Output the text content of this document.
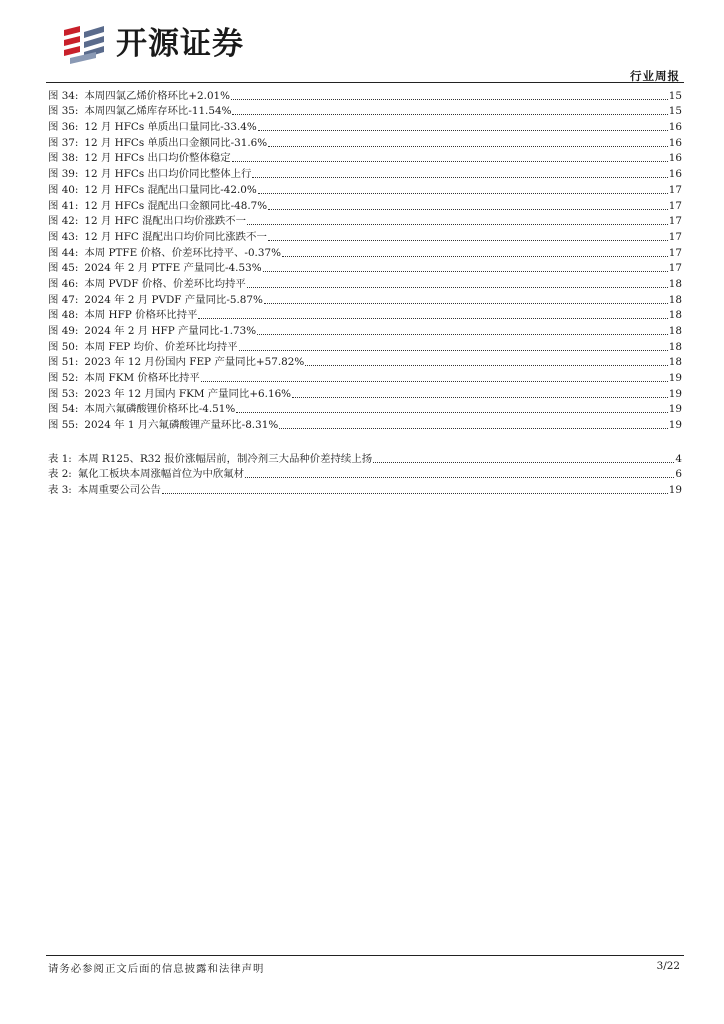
开源证券
行业周报
图 34: 本周四氯乙烯价格环比+2.01%	15
图 35: 本周四氯乙烯库存环比-11.54%	15
图 36: 12 月 HFCs 单质出口量同比-33.4%	16
图 37: 12 月 HFCs 单质出口金额同比-31.6%	16
图 38: 12 月 HFCs 出口均价整体稳定	16
图 39: 12 月 HFCs 出口均价同比整体上行	16
图 40: 12 月 HFCs 混配出口量同比-42.0%	17
图 41: 12 月 HFCs 混配出口金额同比-48.7%	17
图 42: 12 月 HFC 混配出口均价涨跌不一	17
图 43: 12 月 HFC 混配出口均价同比涨跌不一	17
图 44: 本周 PTFE 价格、价差环比持平、-0.37%	17
图 45: 2024 年 2 月 PTFE 产量同比-4.53%	17
图 46: 本周 PVDF 价格、价差环比均持平	18
图 47: 2024 年 2 月 PVDF 产量同比-5.87%	18
图 48: 本周 HFP 价格环比持平	18
图 49: 2024 年 2 月 HFP 产量同比-1.73%	18
图 50: 本周 FEP 均价、价差环比均持平	18
图 51: 2023 年 12 月份国内 FEP 产量同比+57.82%	18
图 52: 本周 FKM 价格环比持平	19
图 53: 2023 年 12 月国内 FKM 产量同比+6.16%	19
图 54: 本周六氟磷酸锂价格环比-4.51%	19
图 55: 2024 年 1 月六氟磷酸锂产量环比-8.31%	19
表 1: 本周 R125、R32 报价涨幅居前，制冷剂三大品种价差持续上扬	4
表 2: 氟化工板块本周涨幅首位为中欣氟材	6
表 3: 本周重要公司公告	19
请务必参阅正文后面的信息披露和法律声明	3/22
